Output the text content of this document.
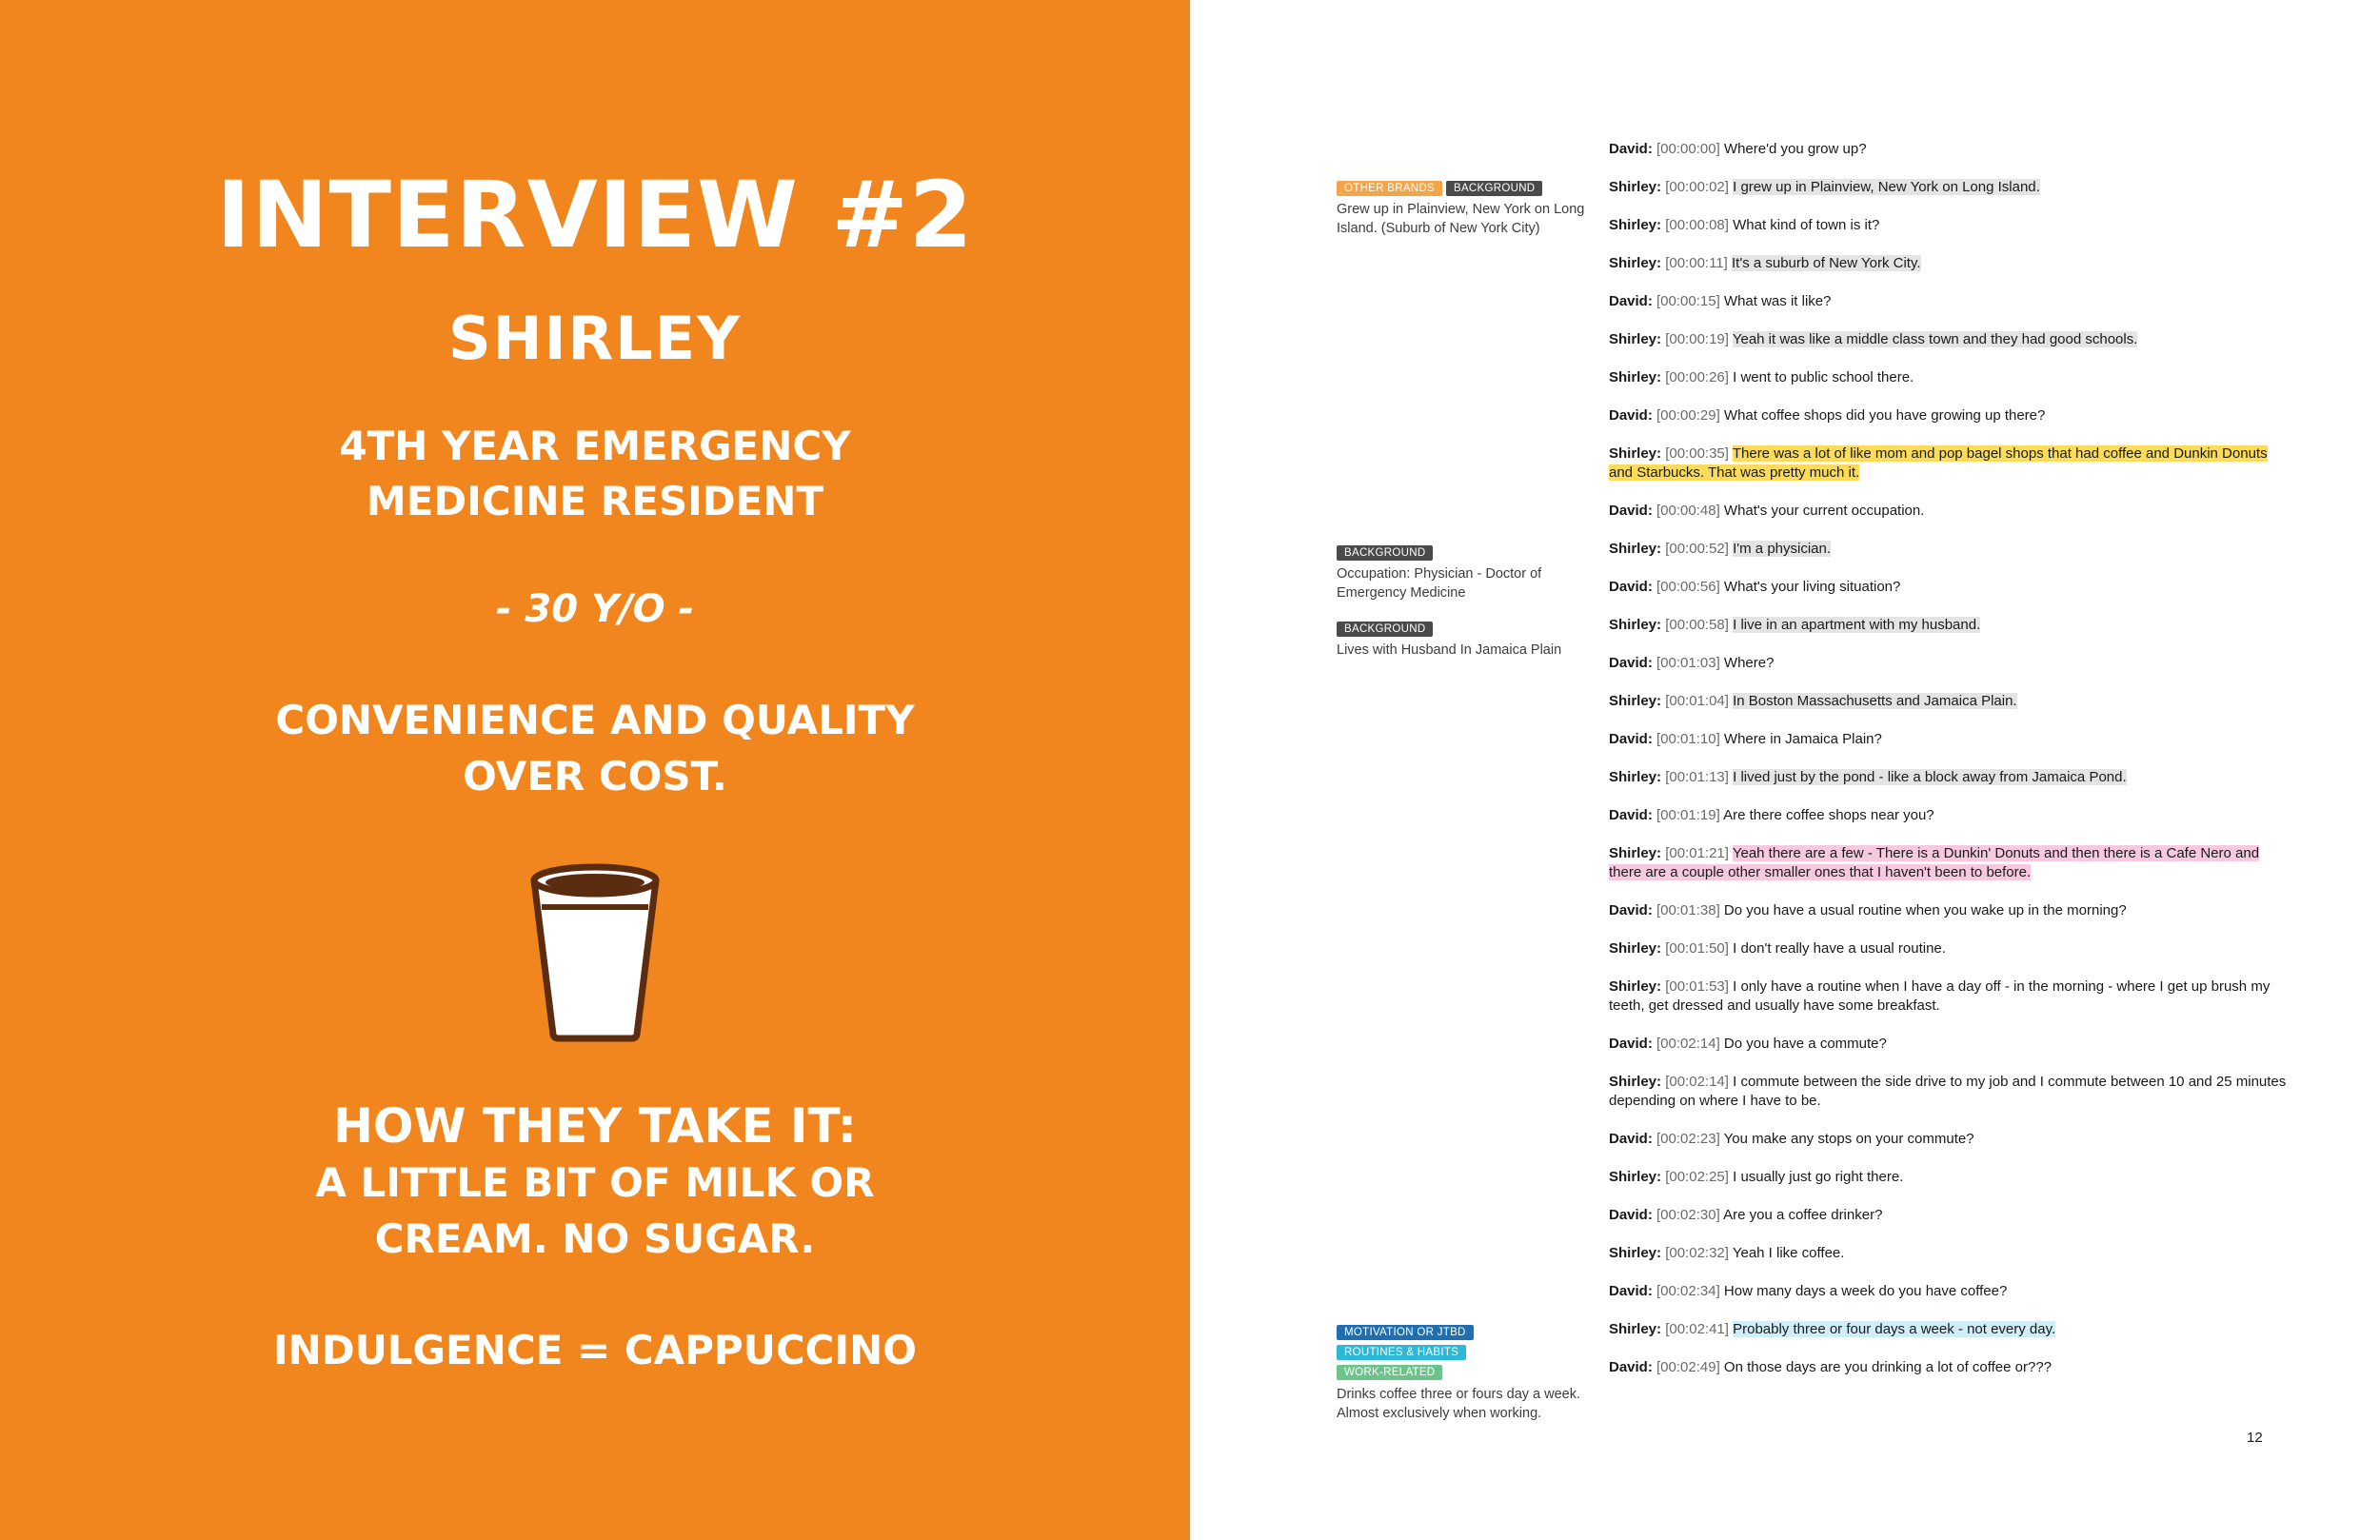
INTERVIEW #2
SHIRLEY
4TH YEAR EMERGENCY
MEDICINE RESIDENT
- 30 Y/O -
CONVENIENCE AND QUALITY
OVER COST.
HOW THEY TAKE IT:
A LITTLE BIT OF MILK OR
CREAM. NO SUGAR.
INDULGENCE = CAPPUCCINO
OTHER BRANDS	BACKGROUND
Grew up in Plainview, New York on Long Island. (Suburb of New York City)
BACKGROUND
Occupation: Physician - Doctor of Emergency Medicine
BACKGROUND
Lives with Husband In Jamaica Plain
MOTIVATION OR JTBD
ROUTINES & HABITS
WORK-RELATED
Drinks coffee three or fours day a week. Almost exclusively when working.
David: [00:00:00] Where'd you grow up?
Shirley: [00:00:02] I grew up in Plainview, New York on Long Island.
Shirley: [00:00:08] What kind of town is it?
Shirley: [00:00:11] It's a suburb of New York City.
David: [00:00:15] What was it like?
Shirley: [00:00:19] Yeah it was like a middle class town and they had good schools.
Shirley: [00:00:26] I went to public school there.
David: [00:00:29] What coffee shops did you have growing up there?
Shirley: [00:00:35] There was a lot of like mom and pop bagel shops that had coffee and Dunkin Donuts and Starbucks. That was pretty much it.
David: [00:00:48] What's your current occupation.
Shirley: [00:00:52] I'm a physician.
David: [00:00:56] What's your living situation?
Shirley: [00:00:58] I live in an apartment with my husband.
David: [00:01:03] Where?
Shirley: [00:01:04] In Boston Massachusetts and Jamaica Plain.
David: [00:01:10] Where in Jamaica Plain?
Shirley: [00:01:13] I lived just by the pond - like a block away from Jamaica Pond.
David: [00:01:19] Are there coffee shops near you?
Shirley: [00:01:21] Yeah there are a few - There is a Dunkin' Donuts and then there is a Cafe Nero and there are a couple other smaller ones that I haven't been to before.
David: [00:01:38] Do you have a usual routine when you wake up in the morning?
Shirley: [00:01:50] I don't really have a usual routine.
Shirley: [00:01:53] I only have a routine when I have a day off - in the morning - where I get up brush my teeth, get dressed and usually have some breakfast.
David: [00:02:14] Do you have a commute?
Shirley: [00:02:14] I commute between the side drive to my job and I commute between 10 and 25 minutes depending on where I have to be.
David: [00:02:23] You make any stops on your commute?
Shirley: [00:02:25] I usually just go right there.
David: [00:02:30] Are you a coffee drinker?
Shirley: [00:02:32] Yeah I like coffee.
David: [00:02:34] How many days a week do you have coffee?
Shirley: [00:02:41] Probably three or four days a week - not every day.
David: [00:02:49] On those days are you drinking a lot of coffee or???
12
